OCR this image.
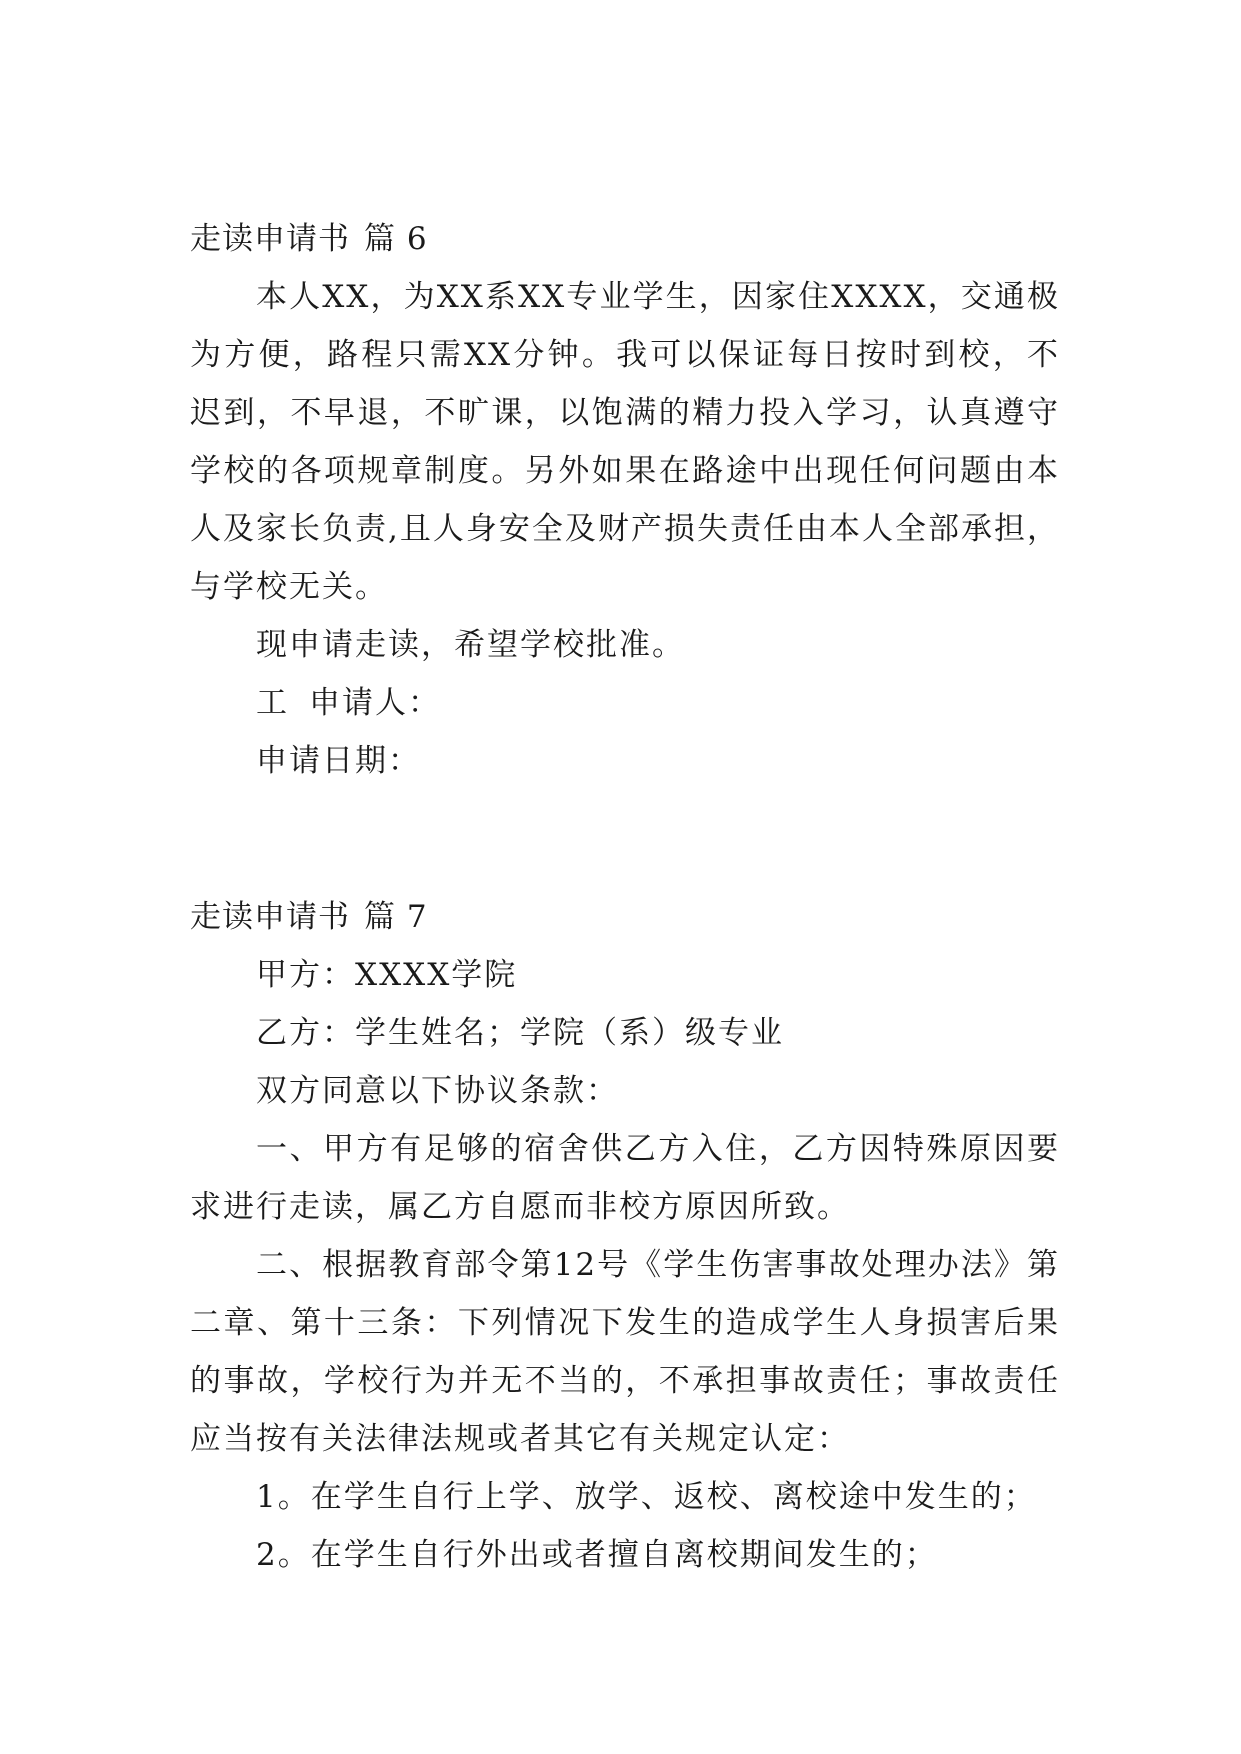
走读申请书 篇 6

本人XX，为XX系XX专业学生，因家住XXXX，交通极为方便，路程只需XX分钟。我可以保证每日按时到校，不迟到，不早退，不旷课，以饱满的精力投入学习，认真遵守学校的各项规章制度。另外如果在路途中出现任何问题由本人及家长负责,且人身安全及财产损失责任由本人全部承担，与学校无关。

现申请走读，希望学校批准。

工 申请人：

申请日期：

走读申请书 篇 7

甲方：XXXX学院

乙方：学生姓名；学院（系）级专业

双方同意以下协议条款：

一、甲方有足够的宿舍供乙方入住，乙方因特殊原因要求进行走读，属乙方自愿而非校方原因所致。

二、根据教育部令第12号《学生伤害事故处理办法》第二章、第十三条：下列情况下发生的造成学生人身损害后果的事故，学校行为并无不当的，不承担事故责任；事故责任应当按有关法律法规或者其它有关规定认定：

1。在学生自行上学、放学、返校、离校途中发生的；

2。在学生自行外出或者擅自离校期间发生的；
